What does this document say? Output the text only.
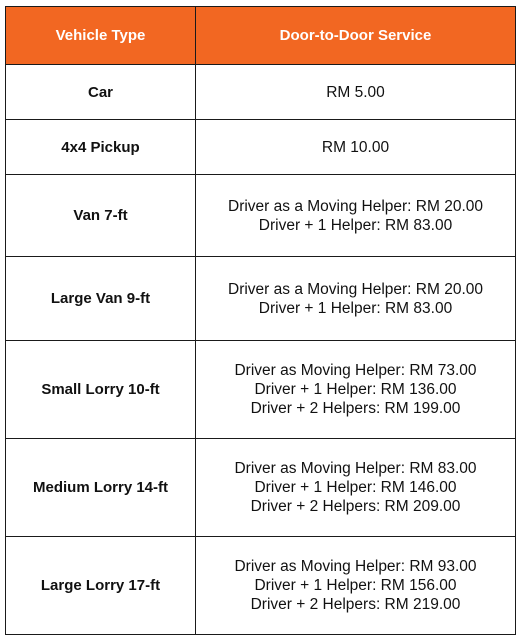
Vehicle Type	Door-to-Door Service
Car	RM 5.00

4x4 Pickup	RM 10.00

Van 7-ft	Driver as a Moving Helper: RM 20.00
Driver + 1 Helper: RM 83.00

Large Van 9-ft	Driver as a Moving Helper: RM 20.00
Driver + 1 Helper: RM 83.00

Small Lorry 10-ft	Driver as Moving Helper: RM 73.00
Driver + 1 Helper: RM 136.00
Driver + 2 Helpers: RM 199.00

Medium Lorry 14-ft	Driver as Moving Helper: RM 83.00
Driver + 1 Helper: RM 146.00
Driver + 2 Helpers: RM 209.00

Large Lorry 17-ft	Driver as Moving Helper: RM 93.00
Driver + 1 Helper: RM 156.00
Driver + 2 Helpers: RM 219.00
